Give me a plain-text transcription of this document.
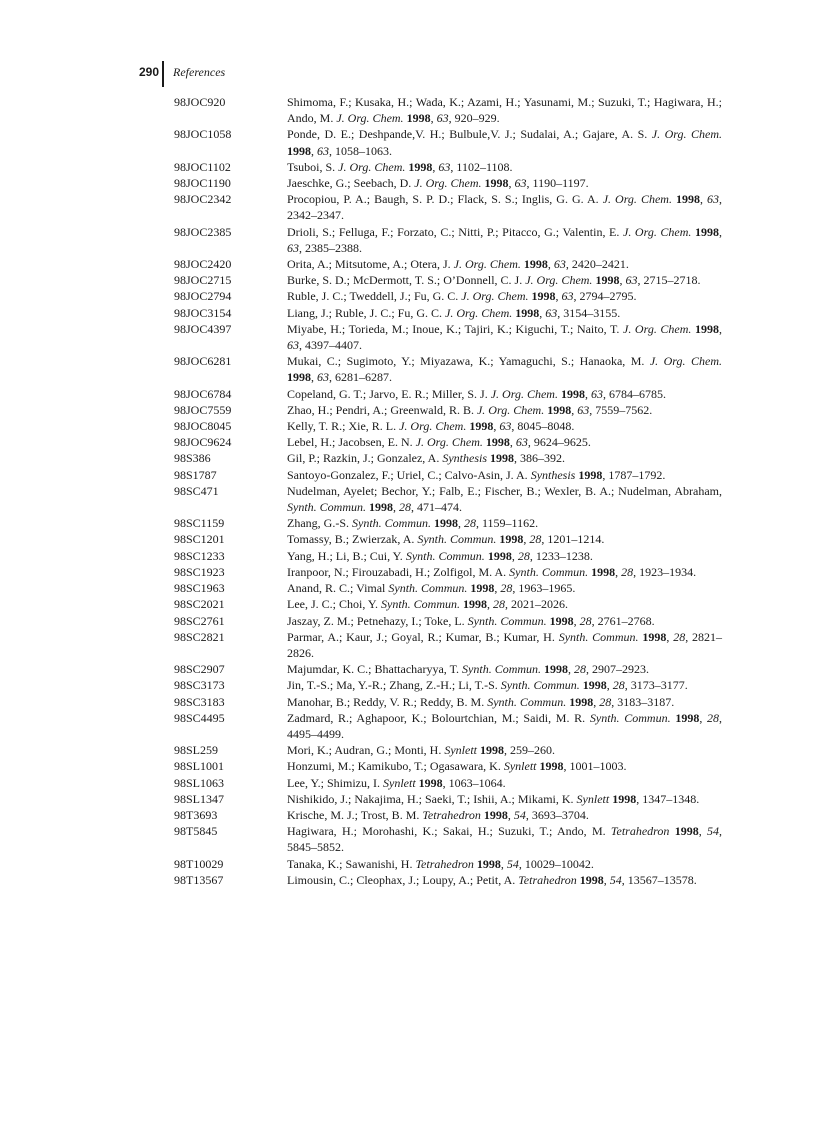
290 References
98JOC920	Shimoma, F.; Kusaka, H.; Wada, K.; Azami, H.; Yasunami, M.; Suzuki, T.; Hagiwara, H.; Ando, M. J. Org. Chem. 1998, 63, 920–929.
98JOC1058	Ponde, D. E.; Deshpande,V. H.; Bulbule,V. J.; Sudalai, A.; Gajare, A. S. J. Org. Chem. 1998, 63, 1058–1063.
98JOC1102	Tsuboi, S. J. Org. Chem. 1998, 63, 1102–1108.
98JOC1190	Jaeschke, G.; Seebach, D. J. Org. Chem. 1998, 63, 1190–1197.
98JOC2342	Procopiou, P. A.; Baugh, S. P. D.; Flack, S. S.; Inglis, G. G. A. J. Org. Chem. 1998, 63, 2342–2347.
98JOC2385	Drioli, S.; Felluga, F.; Forzato, C.; Nitti, P.; Pitacco, G.; Valentin, E. J. Org. Chem. 1998, 63, 2385–2388.
98JOC2420	Orita, A.; Mitsutome, A.; Otera, J. J. Org. Chem. 1998, 63, 2420–2421.
98JOC2715	Burke, S. D.; McDermott, T. S.; O’Donnell, C. J. J. Org. Chem. 1998, 63, 2715–2718.
98JOC2794	Ruble, J. C.; Tweddell, J.; Fu, G. C. J. Org. Chem. 1998, 63, 2794–2795.
98JOC3154	Liang, J.; Ruble, J. C.; Fu, G. C. J. Org. Chem. 1998, 63, 3154–3155.
98JOC4397	Miyabe, H.; Torieda, M.; Inoue, K.; Tajiri, K.; Kiguchi, T.; Naito, T. J. Org. Chem. 1998, 63, 4397–4407.
98JOC6281	Mukai, C.; Sugimoto, Y.; Miyazawa, K.; Yamaguchi, S.; Hanaoka, M. J. Org. Chem. 1998, 63, 6281–6287.
98JOC6784	Copeland, G. T.; Jarvo, E. R.; Miller, S. J. J. Org. Chem. 1998, 63, 6784–6785.
98JOC7559	Zhao, H.; Pendri, A.; Greenwald, R. B. J. Org. Chem. 1998, 63, 7559–7562.
98JOC8045	Kelly, T. R.; Xie, R. L. J. Org. Chem. 1998, 63, 8045–8048.
98JOC9624	Lebel, H.; Jacobsen, E. N. J. Org. Chem. 1998, 63, 9624–9625.
98S386	Gil, P.; Razkin, J.; Gonzalez, A. Synthesis 1998, 386–392.
98S1787	Santoyo-Gonzalez, F.; Uriel, C.; Calvo-Asin, J. A. Synthesis 1998, 1787–1792.
98SC471	Nudelman, Ayelet; Bechor, Y.; Falb, E.; Fischer, B.; Wexler, B. A.; Nudelman, Abraham, Synth. Commun. 1998, 28, 471–474.
98SC1159	Zhang, G.-S. Synth. Commun. 1998, 28, 1159–1162.
98SC1201	Tomassy, B.; Zwierzak, A. Synth. Commun. 1998, 28, 1201–1214.
98SC1233	Yang, H.; Li, B.; Cui, Y. Synth. Commun. 1998, 28, 1233–1238.
98SC1923	Iranpoor, N.; Firouzabadi, H.; Zolfigol, M. A. Synth. Commun. 1998, 28, 1923–1934.
98SC1963	Anand, R. C.; Vimal Synth. Commun. 1998, 28, 1963–1965.
98SC2021	Lee, J. C.; Choi, Y. Synth. Commun. 1998, 28, 2021–2026.
98SC2761	Jaszay, Z. M.; Petnehazy, I.; Toke, L. Synth. Commun. 1998, 28, 2761–2768.
98SC2821	Parmar, A.; Kaur, J.; Goyal, R.; Kumar, B.; Kumar, H. Synth. Commun. 1998, 28, 2821–2826.
98SC2907	Majumdar, K. C.; Bhattacharyya, T. Synth. Commun. 1998, 28, 2907–2923.
98SC3173	Jin, T.-S.; Ma, Y.-R.; Zhang, Z.-H.; Li, T.-S. Synth. Commun. 1998, 28, 3173–3177.
98SC3183	Manohar, B.; Reddy, V. R.; Reddy, B. M. Synth. Commun. 1998, 28, 3183–3187.
98SC4495	Zadmard, R.; Aghapoor, K.; Bolourtchian, M.; Saidi, M. R. Synth. Commun. 1998, 28, 4495–4499.
98SL259	Mori, K.; Audran, G.; Monti, H. Synlett 1998, 259–260.
98SL1001	Honzumi, M.; Kamikubo, T.; Ogasawara, K. Synlett 1998, 1001–1003.
98SL1063	Lee, Y.; Shimizu, I. Synlett 1998, 1063–1064.
98SL1347	Nishikido, J.; Nakajima, H.; Saeki, T.; Ishii, A.; Mikami, K. Synlett 1998, 1347–1348.
98T3693	Krische, M. J.; Trost, B. M. Tetrahedron 1998, 54, 3693–3704.
98T5845	Hagiwara, H.; Morohashi, K.; Sakai, H.; Suzuki, T.; Ando, M. Tetrahedron 1998, 54, 5845–5852.
98T10029	Tanaka, K.; Sawanishi, H. Tetrahedron 1998, 54, 10029–10042.
98T13567	Limousin, C.; Cleophax, J.; Loupy, A.; Petit, A. Tetrahedron 1998, 54, 13567–13578.
